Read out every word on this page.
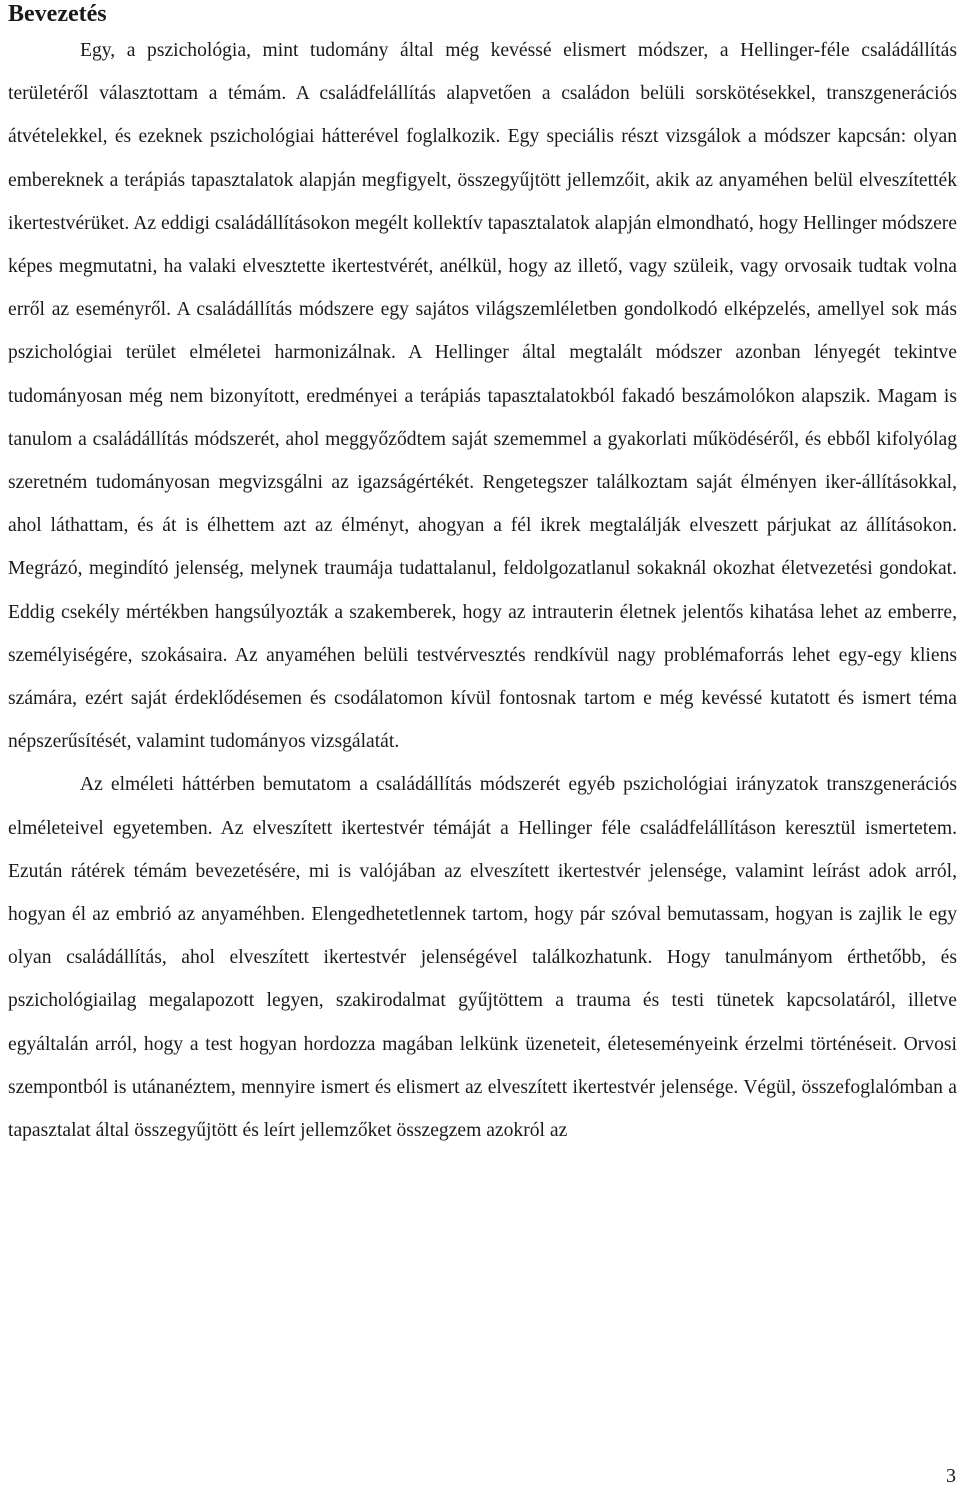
Bevezetés

Egy, a pszichológia, mint tudomány által még kevéssé elismert módszer, a Hellinger-féle családállítás területéről választottam a témám. A családfelállítás alapvetően a családon belüli sorskötésekkel, transzgenerációs átvételekkel, és ezeknek pszichológiai hátterével foglalkozik. Egy speciális részt vizsgálok a módszer kapcsán: olyan embereknek a terápiás tapasztalatok alapján megfigyelt, összegyűjtött jellemzőit, akik az anyaméhen belül elveszítették ikertestvérüket. Az eddigi családállításokon megélt kollektív tapasztalatok alapján elmondható, hogy Hellinger módszere képes megmutatni, ha valaki elvesztette ikertestvérét, anélkül, hogy az illető, vagy szüleik, vagy orvosaik tudtak volna erről az eseményről. A családállítás módszere egy sajátos világszemléletben gondolkodó elképzelés, amellyel sok más pszichológiai terület elméletei harmonizálnak. A Hellinger által megtalált módszer azonban lényegét tekintve tudományosan még nem bizonyított, eredményei a terápiás tapasztalatokból fakadó beszámolókon alapszik. Magam is tanulom a családállítás módszerét, ahol meggyőződtem saját szememmel a gyakorlati működéséről, és ebből kifolyólag szeretném tudományosan megvizsgálni az igazságértékét. Rengetegszer találkoztam saját élményen iker-állításokkal, ahol láthattam, és át is élhettem azt az élményt, ahogyan a fél ikrek megtalálják elveszett párjukat az állításokon. Megrázó, megindító jelenség, melynek traumája tudattalanul, feldolgozatlanul sokaknál okozhat életvezetési gondokat. Eddig csekély mértékben hangsúlyozták a szakemberek, hogy az intrauterin életnek jelentős kihatása lehet az emberre, személyiségére, szokásaira. Az anyaméhen belüli testvérvesztés rendkívül nagy problémaforrás lehet egy-egy kliens számára, ezért saját érdeklődésemen és csodálatomon kívül fontosnak tartom e még kevéssé kutatott és ismert téma népszerűsítését, valamint tudományos vizsgálatát.

Az elméleti háttérben bemutatom a családállítás módszerét egyéb pszichológiai irányzatok transzgenerációs elméleteivel egyetemben. Az elveszített ikertestvér témáját a Hellinger féle családfelállításon keresztül ismertetem. Ezután rátérek témám bevezetésére, mi is valójában az elveszített ikertestvér jelensége, valamint leírást adok arról, hogyan él az embrió az anyaméhben. Elengedhetetlennek tartom, hogy pár szóval bemutassam, hogyan is zajlik le egy olyan családállítás, ahol elveszített ikertestvér jelenségével találkozhatunk. Hogy tanulmányom érthetőbb, és pszichológiailag megalapozott legyen, szakirodalmat gyűjtöttem a trauma és testi tünetek kapcsolatáról, illetve egyáltalán arról, hogy a test hogyan hordozza magában lelkünk üzeneteit, életeseményeink érzelmi történéseit. Orvosi szempontból is utánanéztem, mennyire ismert és elismert az elveszített ikertestvér jelensége. Végül, összefoglalómban a tapasztalat által összegyűjtött és leírt jellemzőket összegzem azokról az

3
